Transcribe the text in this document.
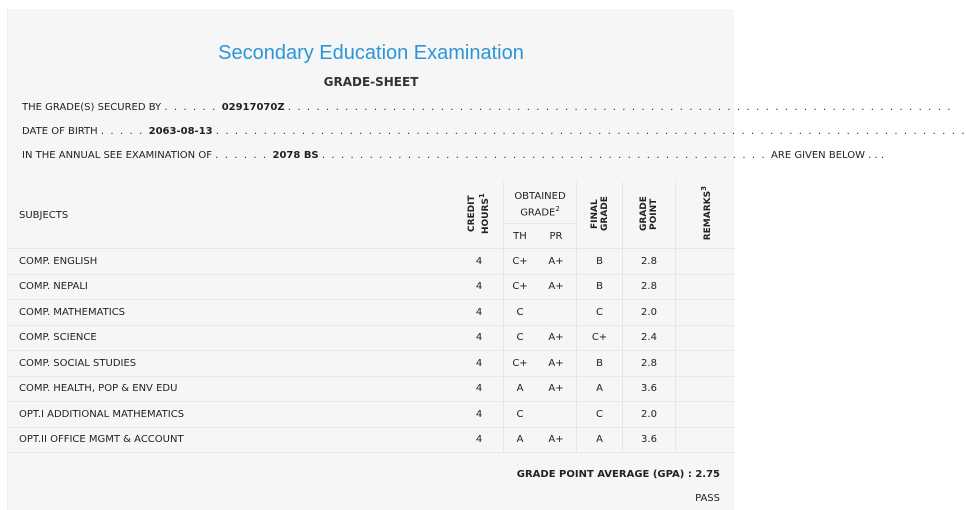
Secondary Education Examination
GRADE-SHEET
THE GRADE(S) SECURED BY . . . . . . 02917070Z . . . . . . . . . . . . . . . . . . . . . . . . . . . . . . . . . . . . . . . . . . . . . . . . . . . . . . . . . . . . . . . . . . . . . .
DATE OF BIRTH . . . . . 2063-08-13 . . . . . . . . . . . . . . . . . . . . . . . . . . . . . . . . . . . . . . . . . . . . . . . . . . . . . . . . . . . . . . . . . . . . . . . . . . . . . . .
IN THE ANNUAL SEE EXAMINATION OF . . . . . . 2078 BS . . . . . . . . . . . . . . . . . . . . . . . . . . . . . . . . . . . . . . . . . . . . . . . ARE GIVEN BELOW . . .
SUBJECTS	CREDIT HOURS$^1$	OBTAINED GRADE$^2$		FINAL GRADE	GRADE POINT	REMARKS$^3$
		TH	PR			
COMP. ENGLISH	4	C+	A+	B	2.8	
COMP. NEPALI	4	C+	A+	B	2.8	
COMP. MATHEMATICS	4	C		C	2.0	
COMP. SCIENCE	4	C	A+	C+	2.4	
COMP. SOCIAL STUDIES	4	C+	A+	B	2.8	
COMP. HEALTH, POP & ENV EDU	4	A	A+	A	3.6	
OPT.I ADDITIONAL MATHEMATICS	4	C		C	2.0	
OPT.II OFFICE MGMT & ACCOUNT	4	A	A+	A	3.6	
GRADE POINT AVERAGE (GPA) : 2.75
PASS
